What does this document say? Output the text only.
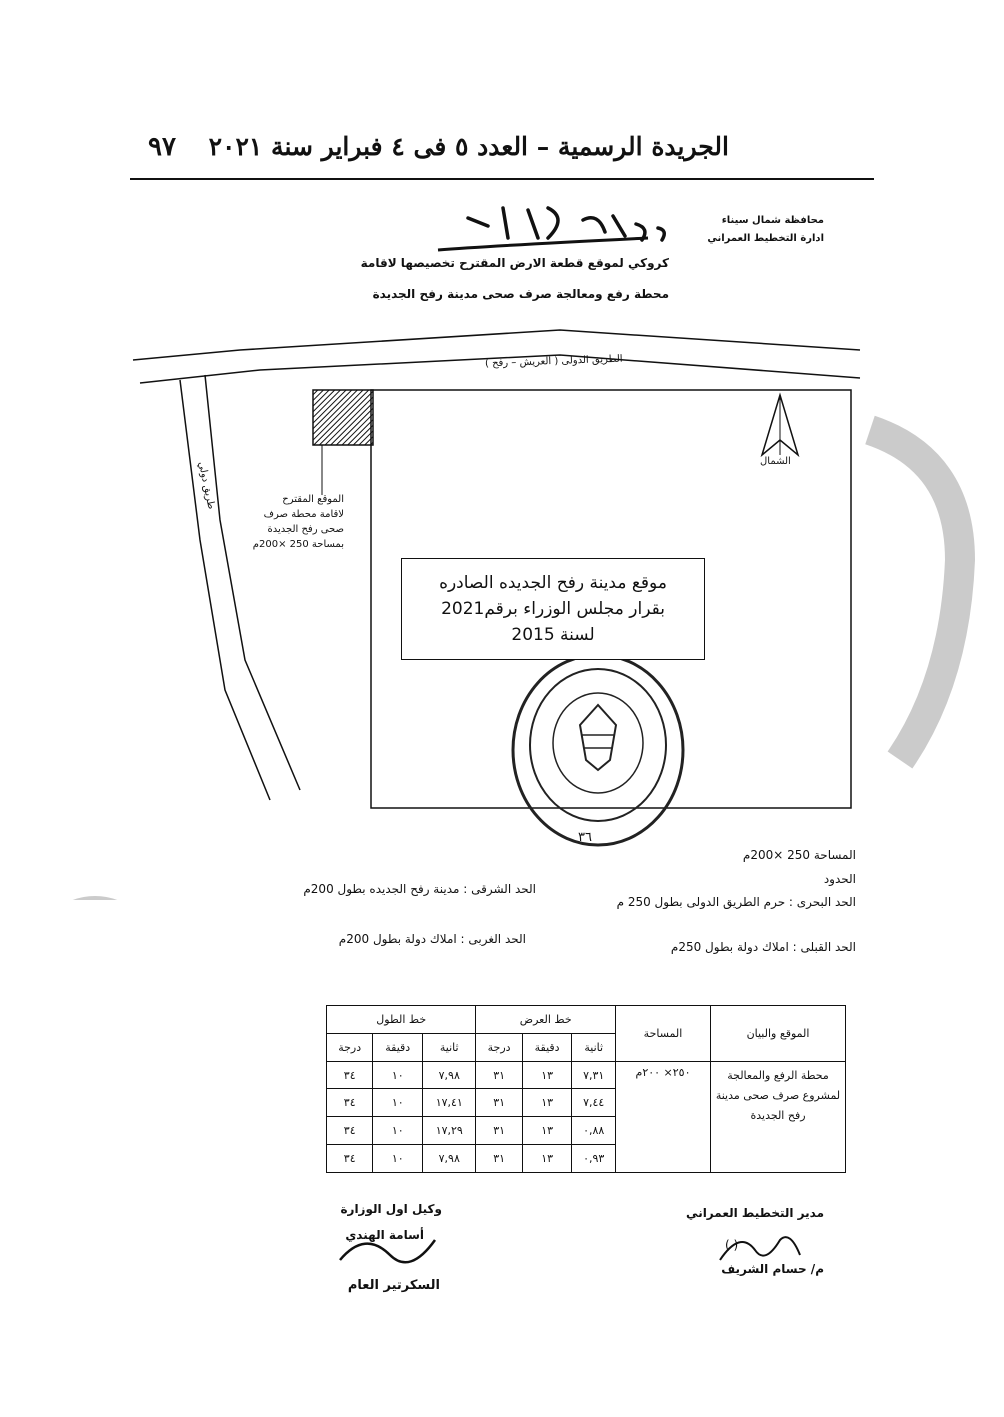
٩٧ الجريدة الرسمية – العدد ٥ فى ٤ فبراير سنة ٢٠٢١
محافظة شمال سيناء
ادارة التخطيط العمراني
كروكي لموقع قطعة الارض المقترح تخصيصها لاقامة
محطة رفع ومعالجة صرف صحى مدينة رفح الجديدة
الطريق الدولى ( العريش – رفح )
طريق دولي	الشمال
الموقع المقترح
لاقامة محطة صرف
صحى رفح الجديدة
بمساحة 250 ×200م
موقع مدينة رفح الجديده الصادره
بقرار مجلس الوزراء برقم2021
لسنة 2015
٣٦
المساحة 250 ×200م
الحدود
الحد البحرى : حرم الطريق الدولى بطول 250 م
الحد الشرقى : مدينة رفح الجديده بطول 200م
الحد القبلى : املاك دولة بطول 250م
الحد الغربى : املاك دولة بطول 200م
الموقع والبيان	المساحة	خط العرض			خط الطول		
		ثانية	دقيقة	درجة	ثانية	دقيقة	درجة
محطة الرفع والمعالجة لمشروع صرف صحى مدينة رفح الجديدة	٢٥٠× ٢٠٠م	٧,٣١	١٣	٣١	٧,٩٨	١٠	٣٤
		٧,٤٤	١٣	٣١	١٧,٤١	١٠	٣٤
		٠,٨٨	١٣	٣١	١٧,٢٩	١٠	٣٤
		٠,٩٣	١٣	٣١	٧,٩٨	١٠	٣٤
مدير التخطيط العمراني
( )
م/ حسام الشريف
وكيل اول الوزارة
أسامة الهندي
السكرتير العام
